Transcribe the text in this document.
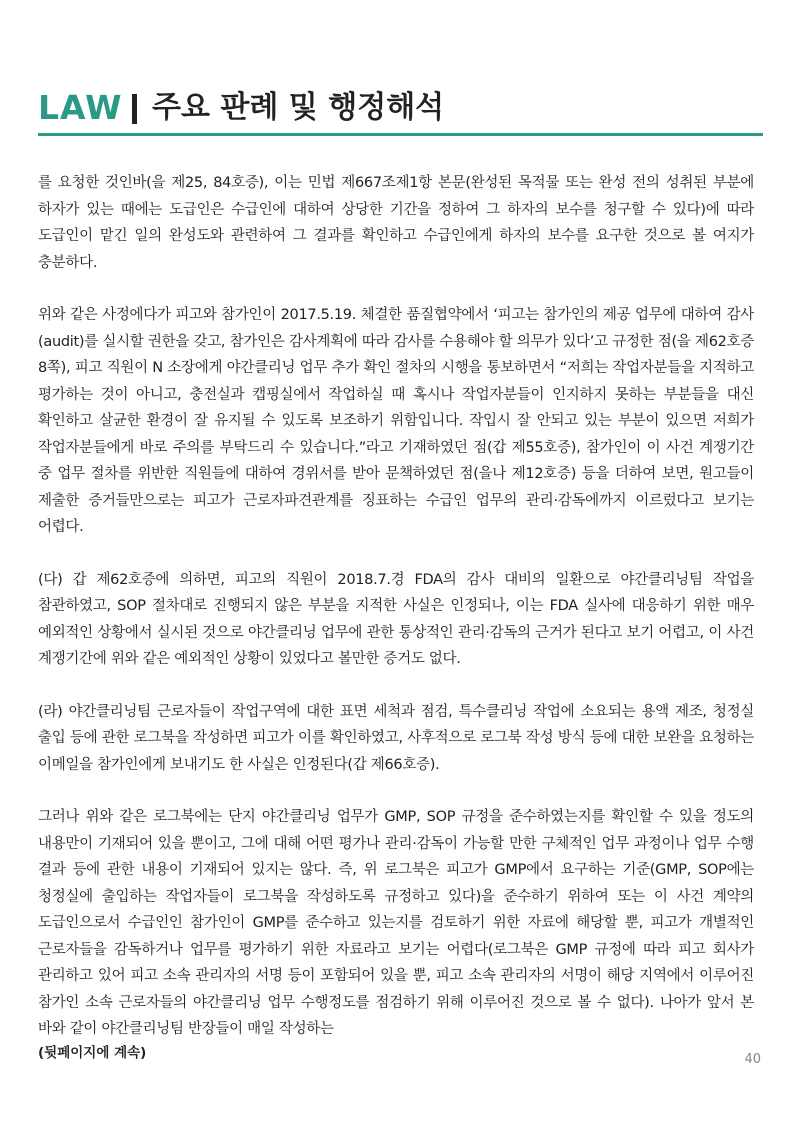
LAW 주요 판례 및 행정해석

를 요청한 것인바(을 제25, 84호증), 이는 민법 제667조제1항 본문(완성된 목적물 또는 완성 전의 성취된 부분에 하자가 있는 때에는 도급인은 수급인에 대하여 상당한 기간을 정하여 그 하자의 보수를 청구할 수 있다)에 따라 도급인이 맡긴 일의 완성도와 관련하여 그 결과를 확인하고 수급인에게 하자의 보수를 요구한 것으로 볼 여지가 충분하다.

위와 같은 사정에다가 피고와 참가인이 2017.5.19. 체결한 품질협약에서 ‘피고는 참가인의 제공 업무에 대하여 감사(audit)를 실시할 권한을 갖고, 참가인은 감사계획에 따라 감사를 수용해야 할 의무가 있다’고 규정한 점(을 제62호증 8쪽), 피고 직원이 N 소장에게 야간클리닝 업무 추가 확인 절차의 시행을 통보하면서 “저희는 작업자분들을 지적하고 평가하는 것이 아니고, 충전실과 캡핑실에서 작업하실 때 혹시나 작업자분들이 인지하지 못하는 부분들을 대신 확인하고 살균한 환경이 잘 유지될 수 있도록 보조하기 위함입니다. 작입시 잘 안되고 있는 부분이 있으면 저희가 작업자분들에게 바로 주의를 부탁드리 수 있습니다.”라고 기재하였던 점(갑 제55호증), 참가인이 이 사건 계쟁기간 중 업무 절차를 위반한 직원들에 대하여 경위서를 받아 문책하였던 점(을나 제12호증) 등을 더하여 보면, 원고들이 제출한 증거들만으로는 피고가 근로자파견관계를 징표하는 수급인 업무의 관리·감독에까지 이르렀다고 보기는 어렵다.

(다) 갑 제62호증에 의하면, 피고의 직원이 2018.7.경 FDA의 감사 대비의 일환으로 야간클리닝팀 작업을 참관하였고, SOP 절차대로 진행되지 않은 부분을 지적한 사실은 인정되나, 이는 FDA 실사에 대응하기 위한 매우 예외적인 상황에서 실시된 것으로 야간클리닝 업무에 관한 통상적인 관리·감독의 근거가 된다고 보기 어렵고, 이 사건 계쟁기간에 위와 같은 예외적인 상황이 있었다고 볼만한 증거도 없다.

(라) 야간클리닝팀 근로자들이 작업구역에 대한 표면 세척과 점검, 특수클리닝 작업에 소요되는 용액 제조, 청정실 출입 등에 관한 로그북을 작성하면 피고가 이를 확인하였고, 사후적으로 로그북 작성 방식 등에 대한 보완을 요청하는 이메일을 참가인에게 보내기도 한 사실은 인정된다(갑 제66호증).

그러나 위와 같은 로그북에는 단지 야간클리닝 업무가 GMP, SOP 규정을 준수하였는지를 확인할 수 있을 정도의 내용만이 기재되어 있을 뿐이고, 그에 대해 어떤 평가나 관리·감독이 가능할 만한 구체적인 업무 과정이나 업무 수행 결과 등에 관한 내용이 기재되어 있지는 않다. 즉, 위 로그북은 피고가 GMP에서 요구하는 기준(GMP, SOP에는 청정실에 출입하는 작업자들이 로그북을 작성하도록 규정하고 있다)을 준수하기 위하여 또는 이 사건 계약의 도급인으로서 수급인인 참가인이 GMP를 준수하고 있는지를 검토하기 위한 자료에 해당할 뿐, 피고가 개별적인 근로자들을 감독하거나 업무를 평가하기 위한 자료라고 보기는 어렵다(로그북은 GMP 규정에 따라 피고 회사가 관리하고 있어 피고 소속 관리자의 서명 등이 포함되어 있을 뿐, 피고 소속 관리자의 서명이 해당 지역에서 이루어진 참가인 소속 근로자들의 야간클리닝 업무 수행정도를 점검하기 위해 이루어진 것으로 볼 수 없다). 나아가 앞서 본 바와 같이 야간클리닝팀 반장들이 매일 작성하는

(뒷페이지에 계속)	40
